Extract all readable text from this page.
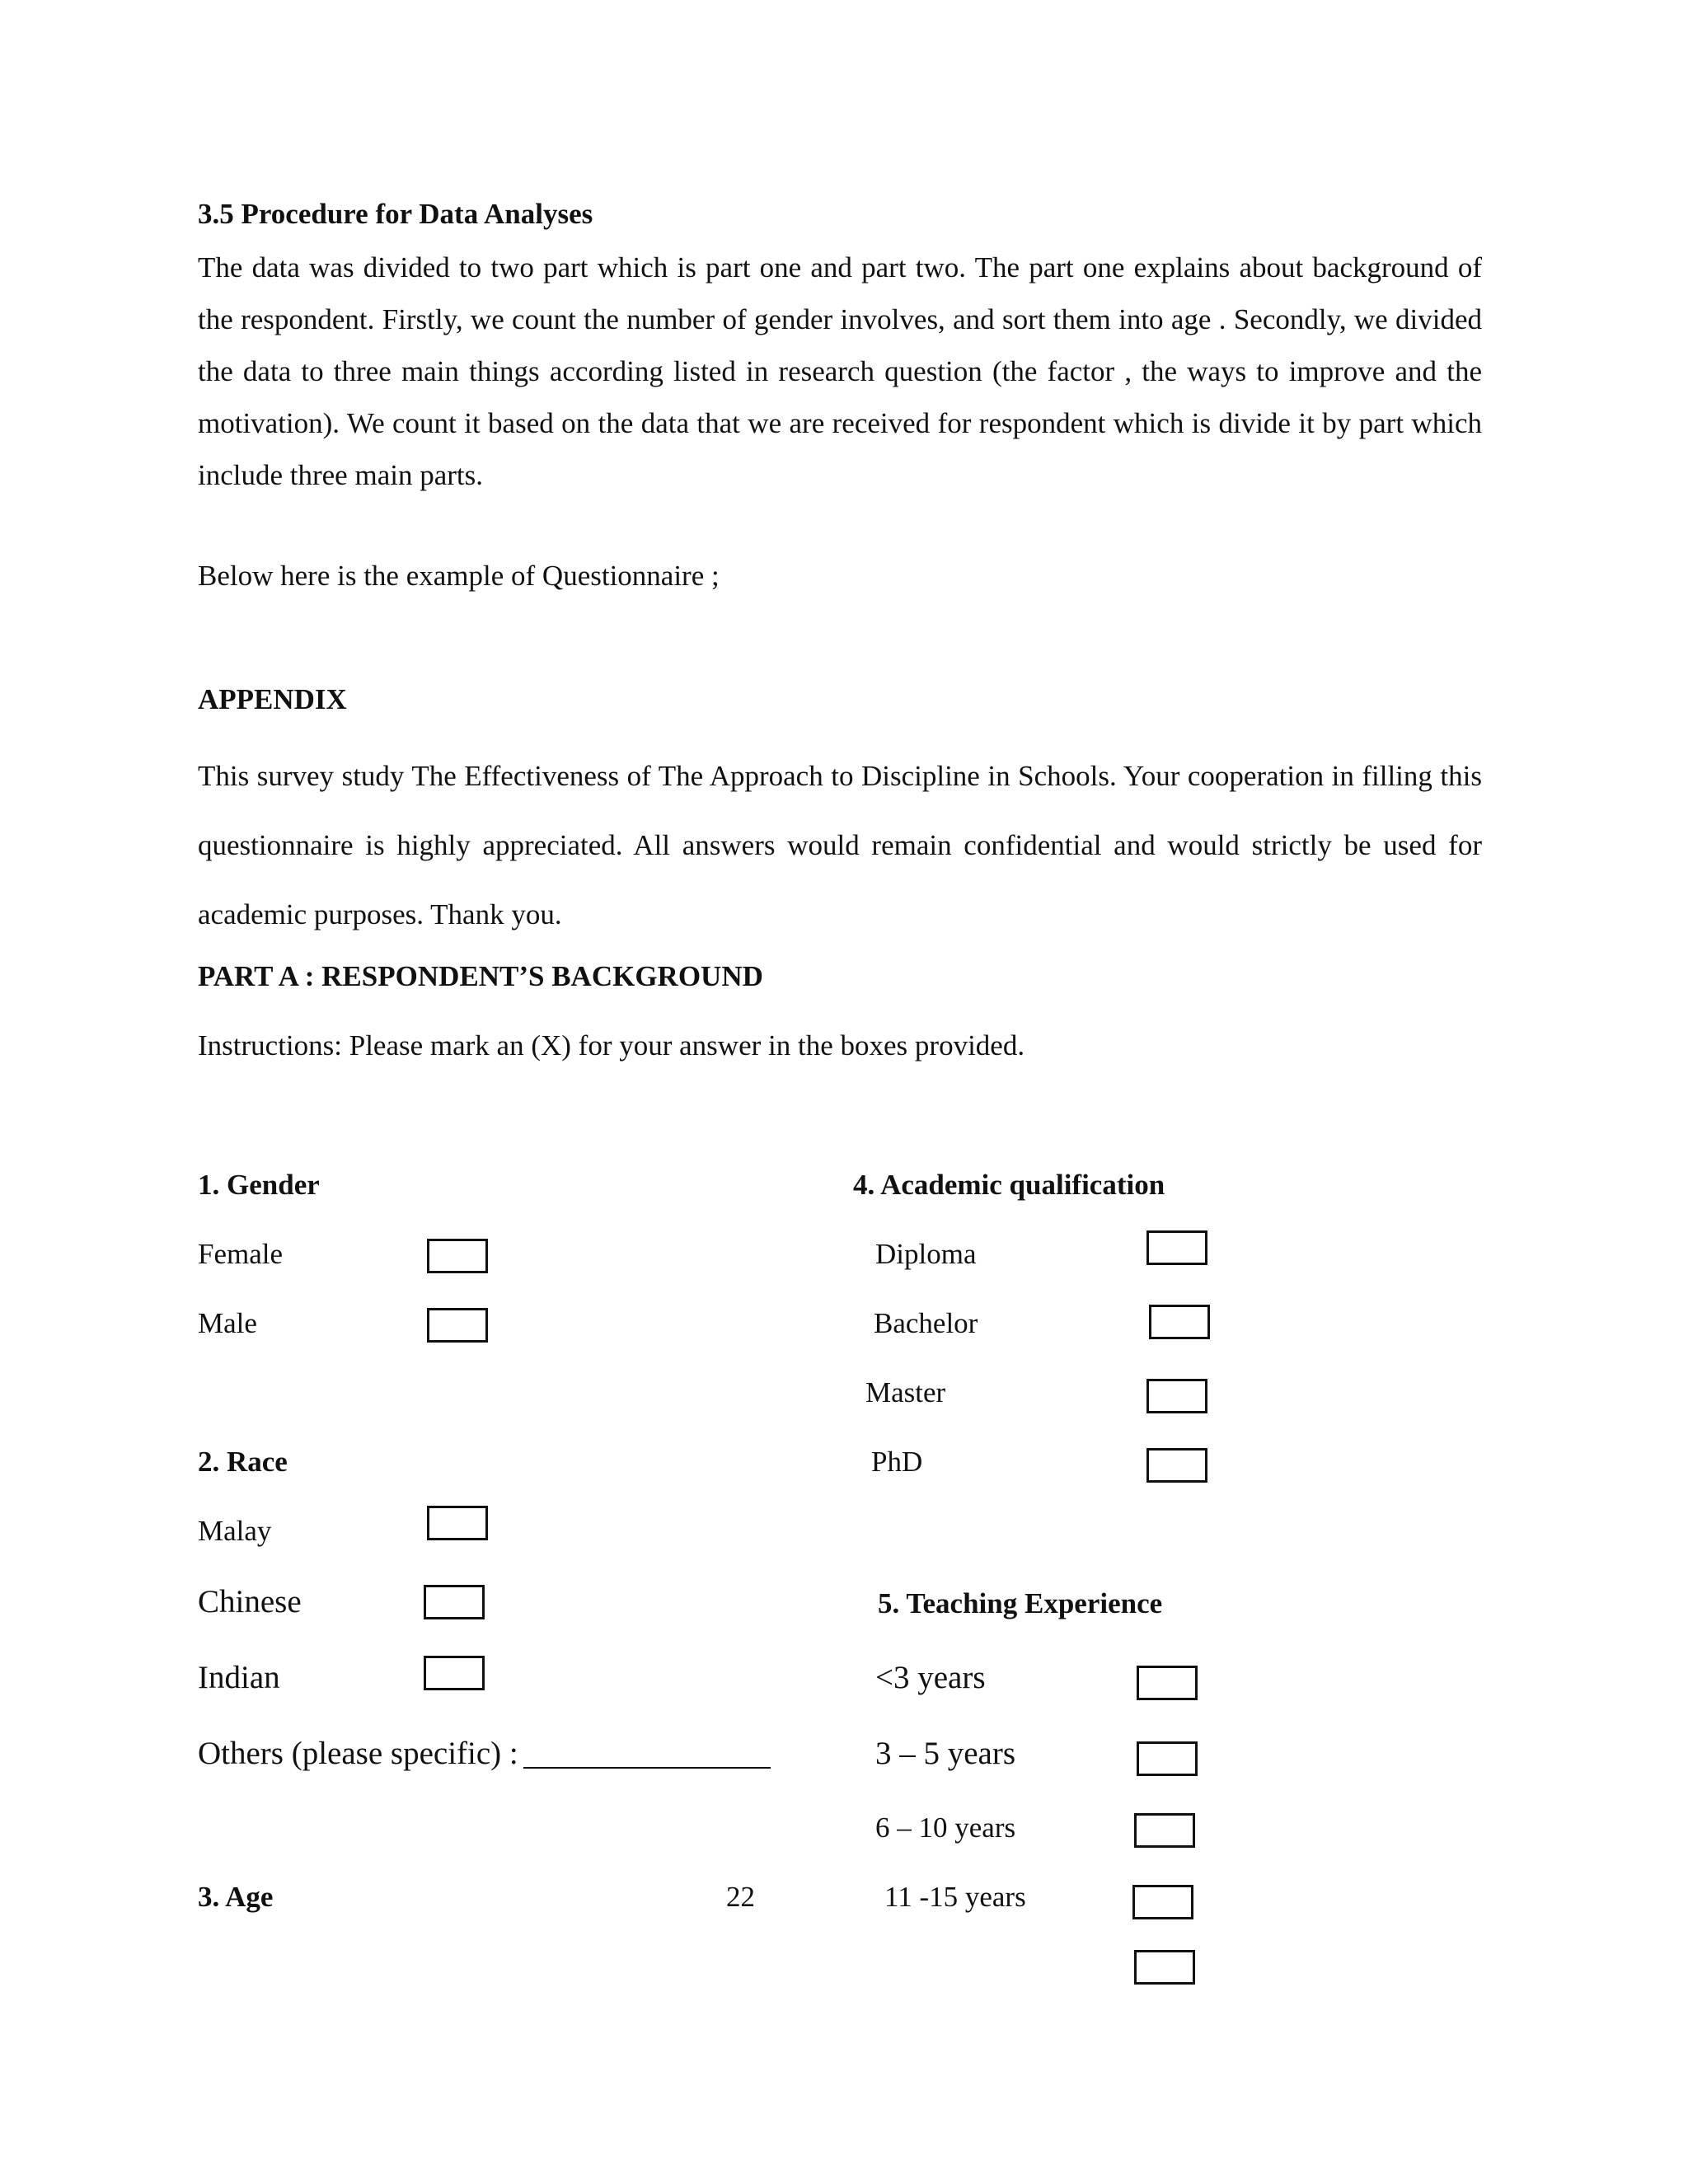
3.5 Procedure for Data Analyses
The data was divided to two part which is part one and part two. The part one explains about background of the respondent. Firstly, we count the number of gender involves, and sort them into age . Secondly, we divided the data to three main things according listed in research question (the factor , the ways to improve and the motivation). We count it based on the data that we are received for respondent which is divide it by part which include three main parts.
Below here is the example of Questionnaire ;
APPENDIX
This survey study The Effectiveness of The Approach to Discipline in Schools. Your cooperation in filling this questionnaire is highly appreciated. All answers would remain confidential and would strictly be used for academic purposes. Thank you.
PART A : RESPONDENT’S BACKGROUND
Instructions: Please mark an (X) for your answer in the boxes provided.
1. Gender
Female
Male
2. Race
Malay
Chinese
Indian
Others (please specific) :
3. Age	22
4. Academic qualification
Diploma
Bachelor
Master
PhD
5. Teaching Experience
<3 years
3 – 5 years
6 – 10 years
11 -15 years
